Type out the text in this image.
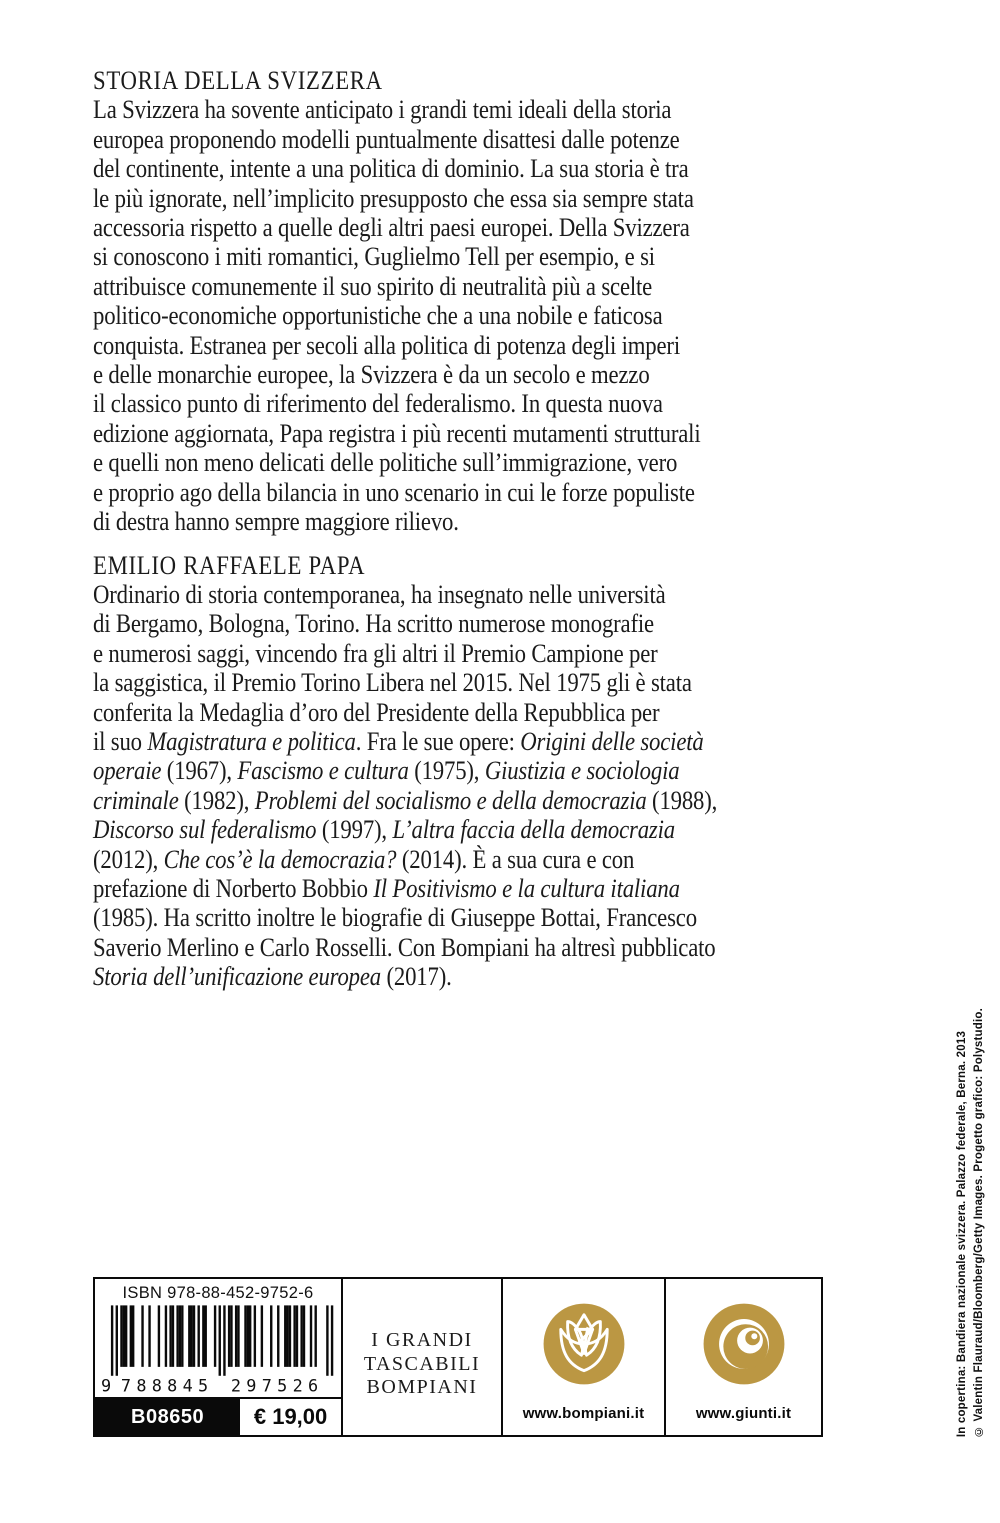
STORIA DELLA SVIZZERA
La Svizzera ha sovente anticipato i grandi temi ideali della storia
europea proponendo modelli puntualmente disattesi dalle potenze
del continente, intente a una politica di dominio. La sua storia è tra
le più ignorate, nell’implicito presupposto che essa sia sempre stata
accessoria rispetto a quelle degli altri paesi europei. Della Svizzera
si conoscono i miti romantici, Guglielmo Tell per esempio, e si
attribuisce comunemente il suo spirito di neutralità più a scelte
politico-economiche opportunistiche che a una nobile e faticosa
conquista. Estranea per secoli alla politica di potenza degli imperi
e delle monarchie europee, la Svizzera è da un secolo e mezzo
il classico punto di riferimento del federalismo. In questa nuova
edizione aggiornata, Papa registra i più recenti mutamenti strutturali
e quelli non meno delicati delle politiche sull’immigrazione, vero
e proprio ago della bilancia in uno scenario in cui le forze populiste
di destra hanno sempre maggiore rilievo.
EMILIO RAFFAELE PAPA
Ordinario di storia contemporanea, ha insegnato nelle università
di Bergamo, Bologna, Torino. Ha scritto numerose monografie
e numerosi saggi, vincendo fra gli altri il Premio Campione per
la saggistica, il Premio Torino Libera nel 2015. Nel 1975 gli è stata
conferita la Medaglia d’oro del Presidente della Repubblica per
il suo Magistratura e politica. Fra le sue opere: Origini delle società
operaie (1967), Fascismo e cultura (1975), Giustizia e sociologia
criminale (1982), Problemi del socialismo e della democrazia (1988),
Discorso sul federalismo (1997), L’altra faccia della democrazia
(2012), Che cos’è la democrazia? (2014). È a sua cura e con
prefazione di Norberto Bobbio Il Positivismo e la cultura italiana
(1985). Ha scritto inoltre le biografie di Giuseppe Bottai, Francesco
Saverio Merlino e Carlo Rosselli. Con Bompiani ha altresì pubblicato
Storia dell’unificazione europea (2017).
ISBN 978-88-452-9752-6
9 788845 297526
B08650	€ 19,00
I GRANDI
TASCABILI
BOMPIANI
www.bompiani.it	www.giunti.it	In copertina: Bandiera nazionale svizzera. Palazzo federale, Berna. 2013 © Valentin Flauraud/Bloomberg/Getty Images. Progetto grafico: Polystudio.
